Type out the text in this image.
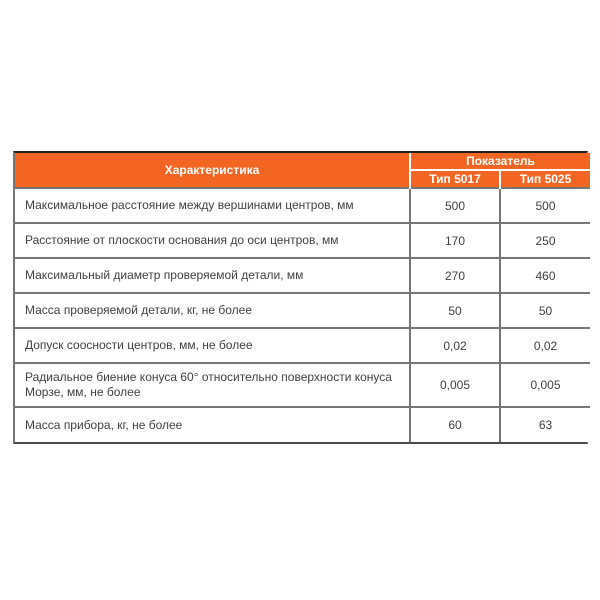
Характеристика	Показатель	
	Тип 5017	Тип 5025
Максимальное расстояние между вершинами центров, мм	500	500
Расстояние от плоскости основания до оси центров, мм	170	250
Максимальный диаметр проверяемой детали, мм	270	460
Масса проверяемой детали, кг, не более	50	50
Допуск соосности центров, мм, не более	0,02	0,02
Радиальное биение конуса 60° относительно поверхности конуса Морзе, мм, не более	0,005	0,005
Масса прибора, кг, не более	60	63
